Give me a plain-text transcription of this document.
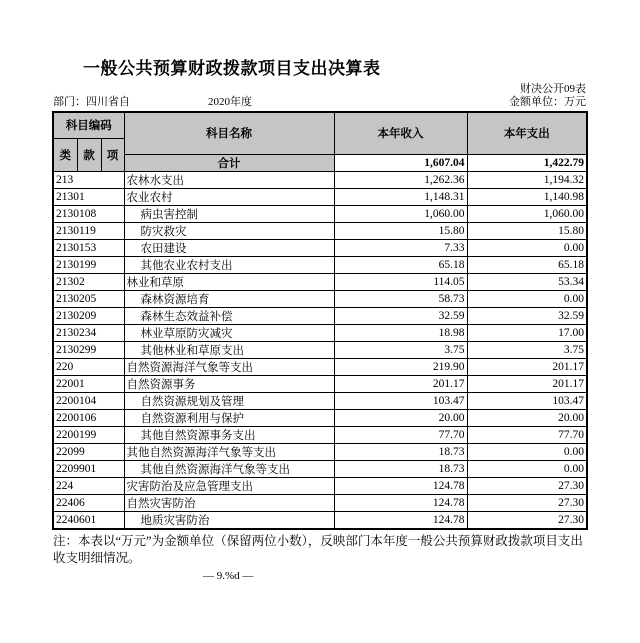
一般公共预算财政拨款项目支出决算表
财决公开09表
部门：四川省自	2020年度	金额单位：万元
科目编码			科目名称	本年收入	本年支出
类	款	项			
			合计	1,607.04	1,422.79
213			农林水支出	1,262.36	1,194.32
21301			农业农村	1,148.31	1,140.98
2130108			病虫害控制	1,060.00	1,060.00
2130119			防灾救灾	15.80	15.80
2130153			农田建设	7.33	0.00
2130199			其他农业农村支出	65.18	65.18
21302			林业和草原	114.05	53.34
2130205			森林资源培育	58.73	0.00
2130209			森林生态效益补偿	32.59	32.59
2130234			林业草原防灾减灾	18.98	17.00
2130299			其他林业和草原支出	3.75	3.75
220			自然资源海洋气象等支出	219.90	201.17
22001			自然资源事务	201.17	201.17
2200104			自然资源规划及管理	103.47	103.47
2200106			自然资源利用与保护	20.00	20.00
2200199			其他自然资源事务支出	77.70	77.70
22099			其他自然资源海洋气象等支出	18.73	0.00
2209901			其他自然资源海洋气象等支出	18.73	0.00
224			灾害防治及应急管理支出	124.78	27.30
22406			自然灾害防治	124.78	27.30
2240601			地质灾害防治	124.78	27.30
注：本表以“万元”为金额单位（保留两位小数），反映部门本年度一般公共预算财政拨款项目支出收支明细情况。
— 9.%d —
